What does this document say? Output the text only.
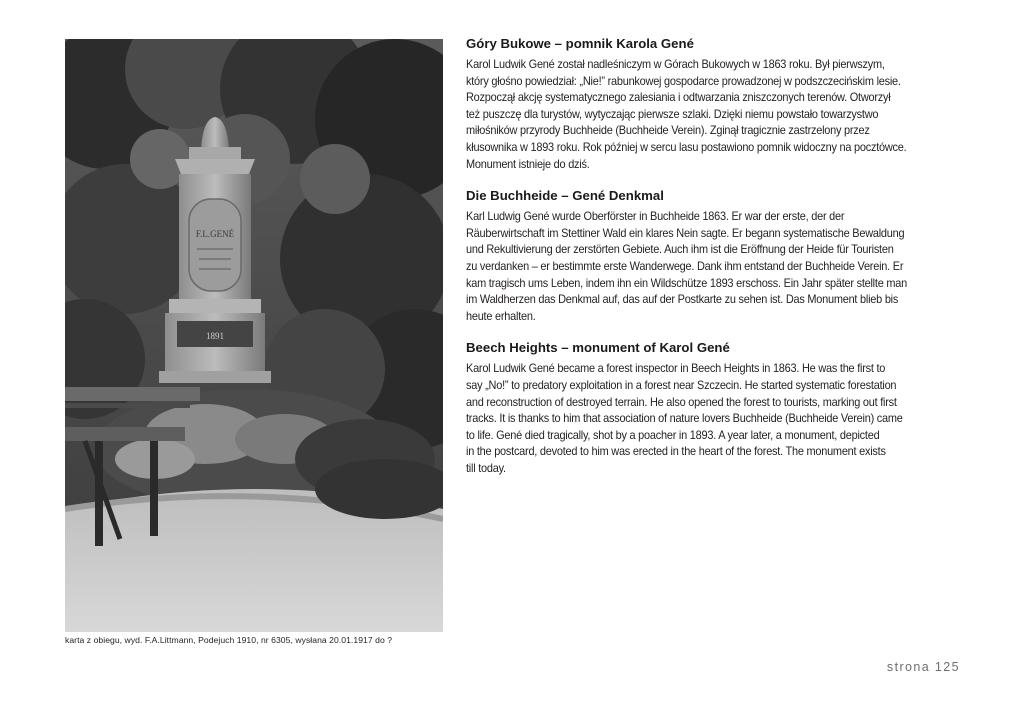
F.L.GENÉ
1891
karta z obiegu, wyd. F.A.Littmann, Podejuch 1910, nr 6305, wysłana 20.01.1917 do ?
Góry Bukowe – pomnik Karola Gené
Karol Ludwik Gené został nadleśniczym w Górach Bukowych w 1863 roku. Był pierwszym,
który głośno powiedział: „Nie!” rabunkowej gospodarce prowadzonej w podszczecińskim lesie.
Rozpoczął akcję systematycznego zalesiania i odtwarzania zniszczonych terenów. Otworzył
też puszczę dla turystów, wytyczając pierwsze szlaki. Dzięki niemu powstało towarzystwo
miłośników przyrody Buchheide (Buchheide Verein). Zginął tragicznie zastrzelony przez
kłusownika w 1893 roku. Rok później w sercu lasu postawiono pomnik widoczny na pocztówce.
Monument istnieje do dziś.
Die Buchheide – Gené Denkmal
Karl Ludwig Gené wurde Oberförster in Buchheide 1863. Er war der erste, der der
Räuberwirtschaft im Stettiner Wald ein klares Nein sagte. Er begann systematische Bewaldung
und Rekultivierung der zerstörten Gebiete. Auch ihm ist die Eröffnung der Heide für Touristen
zu verdanken – er bestimmte erste Wanderwege. Dank ihm entstand der Buchheide Verein. Er
kam tragisch ums Leben, indem ihn ein Wildschütze 1893 erschoss. Ein Jahr später stellte man
im Waldherzen das Denkmal auf, das auf der Postkarte zu sehen ist. Das Monument blieb bis
heute erhalten.
Beech Heights – monument of Karol Gené
Karol Ludwik Gené became a forest inspector in Beech Heights in 1863. He was the first to
say „No!” to predatory exploitation in a forest near Szczecin. He started systematic forestation
and reconstruction of destroyed terrain. He also opened the forest to tourists, marking out first
tracks. It is thanks to him that association of nature lovers Buchheide (Buchheide Verein) came
to life. Gené died tragically, shot by a poacher in 1893. A year later, a monument, depicted
in the postcard, devoted to him was erected in the heart of the forest. The monument exists
till today.
strona 125
